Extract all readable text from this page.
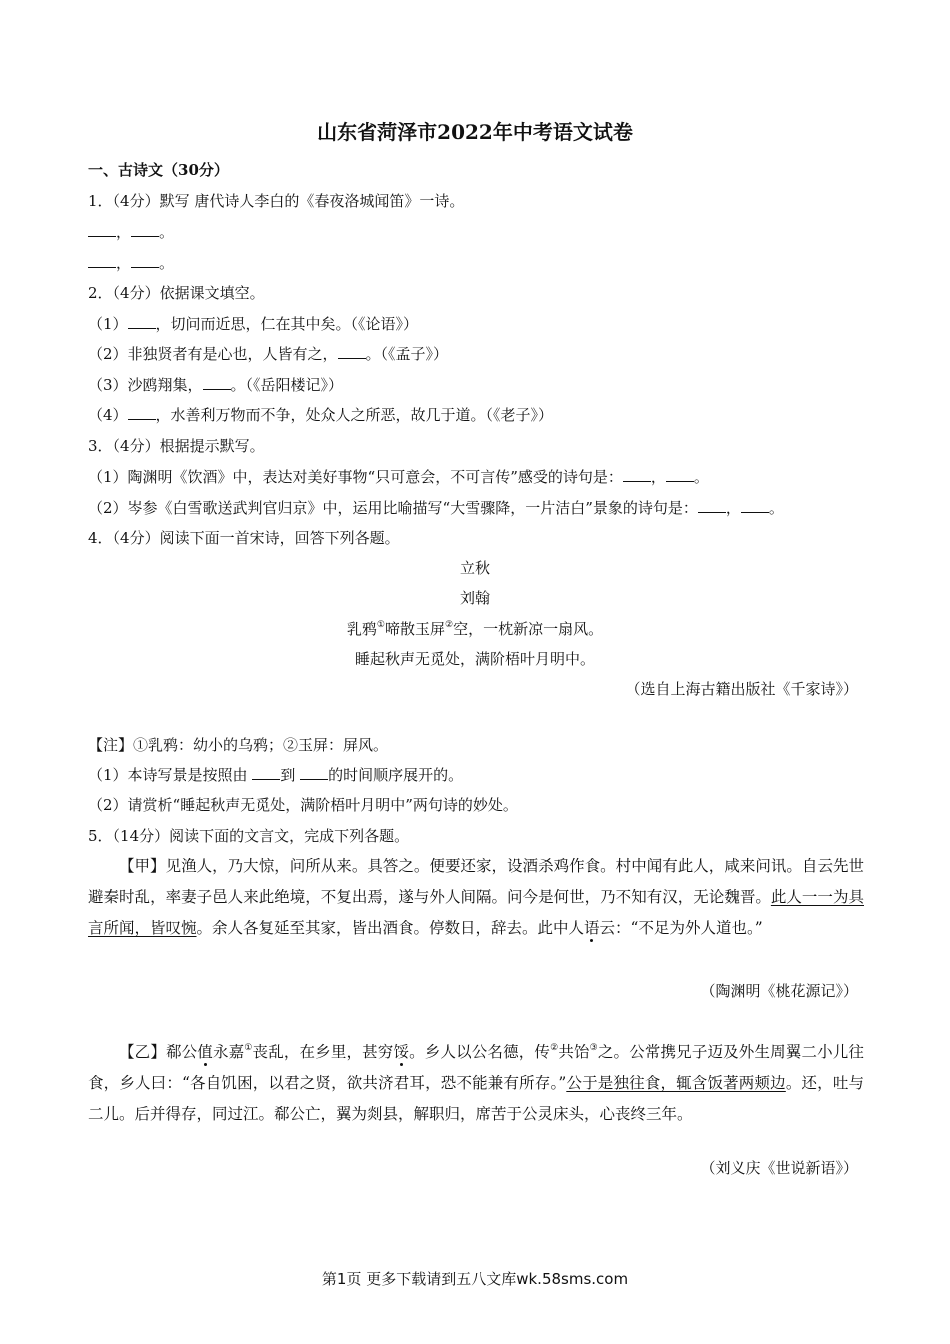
山东省菏泽市2022年中考语文试卷
一、古诗文（30分）
1．（4分）默写 唐代诗人李白的《春夜洛城闻笛》一诗。
， 。
， 。
2．（4分）依据课文填空。
（1） ，切问而近思，仁在其中矣。（《论语》）
（2）非独贤者有是心也，人皆有之， 。（《孟子》）
（3）沙鸥翔集， 。（《岳阳楼记》）
（4） ，水善利万物而不争，处众人之所恶，故几于道。（《老子》）
3．（4分）根据提示默写。
（1）陶渊明《饮酒》中，表达对美好事物“只可意会，不可言传”感受的诗句是： ， 。
（2）岑参《白雪歌送武判官归京》中，运用比喻描写“大雪骤降，一片洁白”景象的诗句是： ， 。
4．（4分）阅读下面一首宋诗，回答下列各题。
立秋
刘翰
乳鸦①啼散玉屏②空，一枕新凉一扇风。
睡起秋声无觅处，满阶梧叶月明中。
（选自上海古籍出版社《千家诗》）
【注】①乳鸦：幼小的乌鸦；②玉屏：屏风。
（1）本诗写景是按照由 到 的时间顺序展开的。
（2）请赏析“睡起秋声无觅处，满阶梧叶月明中”两句诗的妙处。
5．（14分）阅读下面的文言文，完成下列各题。

【甲】见渔人，乃大惊，问所从来。具答之。便要还家，设酒杀鸡作食。村中闻有此人，咸来问讯。自云先世避秦时乱，率妻子邑人来此绝境，不复出焉，遂与外人间隔。问今是何世，乃不知有汉，无论魏晋。此人一一为具言所闻，皆叹惋。余人各复延至其家，皆出酒食。停数日，辞去。此中人语云：“不足为外人道也。”

（陶渊明《桃花源记》）

【乙】郗公值永嘉①丧乱，在乡里，甚穷馁。乡人以公名德，传②共饴③之。公常携兄子迈及外生周翼二小儿往食，乡人曰：“各自饥困，以君之贤，欲共济君耳，恐不能兼有所存。”公于是独往食，辄含饭著两颊边。还，吐与二儿。后并得存，同过江。郗公亡，翼为剡县，解职归，席苦于公灵床头，心丧终三年。

（刘义庆《世说新语》）
第1页 更多下载请到五八文库wk.58sms.com
